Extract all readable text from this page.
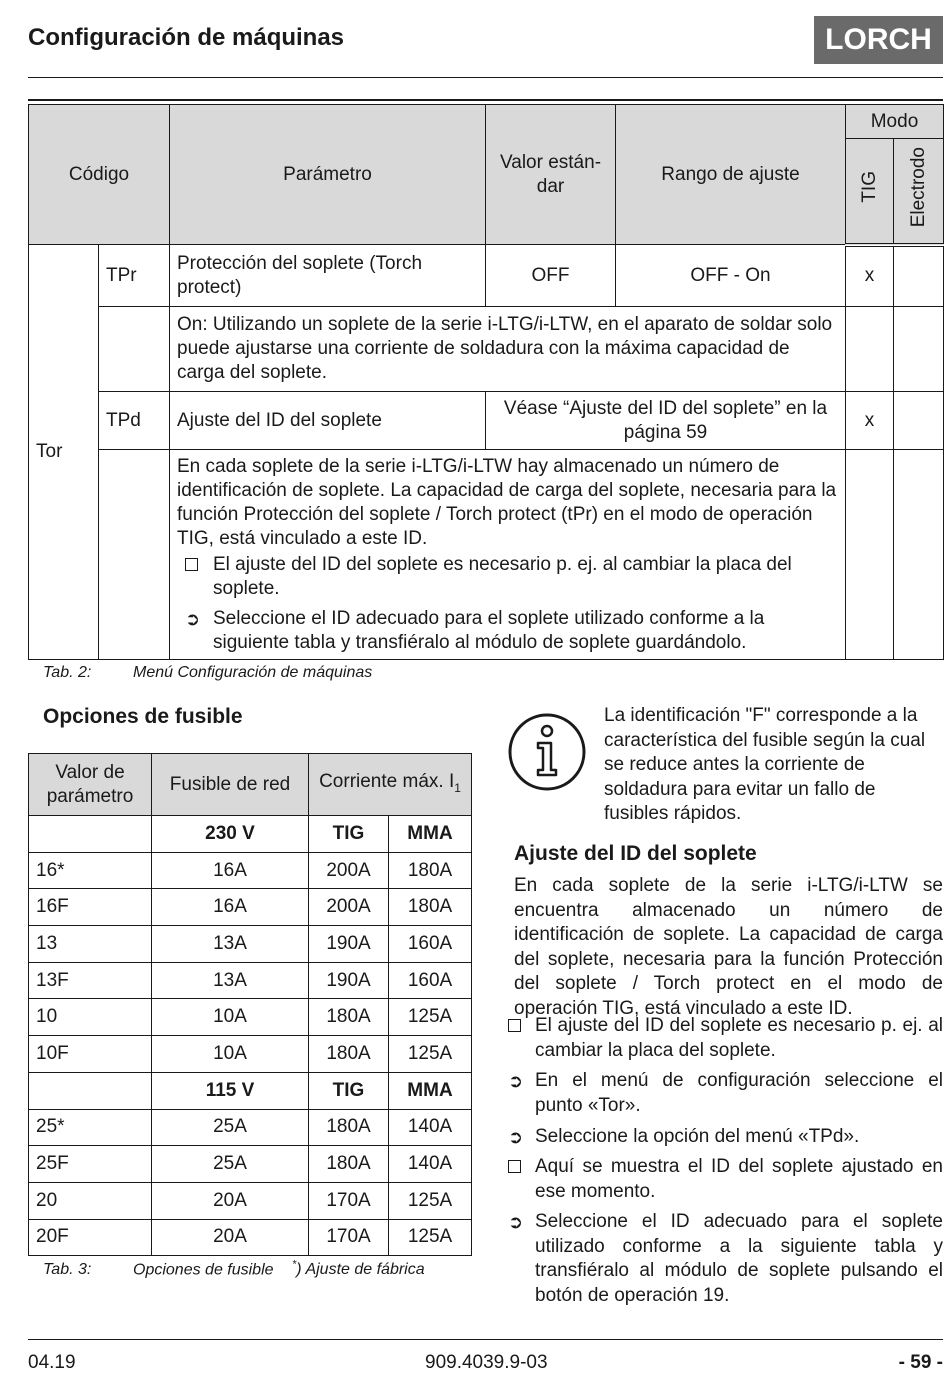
Configuración de máquinas	LORCH
Código		Parámetro	Valor están-dar	Rango de ajuste	Modo	
					TIG	Electrodo
Tor	TPr	Protección del soplete (Torch protect)	OFF	OFF - On	x	
		On: Utilizando un soplete de la serie i-LTG/i-LTW, en el aparato de soldar solo puede ajustarse una corriente de soldadura con la máxima capacidad de carga del soplete.				
	TPd	Ajuste del ID del soplete	Véase “Ajuste del ID del soplete” en la página 59		x	

		En cada soplete de la serie i-LTG/i-LTW hay almacenado un número de identificación de soplete. La capacidad de carga del soplete, necesaria para la función Protección del soplete / Torch protect (tPr) en el modo de operación TIG, está vinculado a este ID.
El ajuste del ID del soplete es necesario p. ej. al cambiar la placa del soplete.
➲ Seleccione el ID adecuado para el soplete utilizado conforme a la siguiente tabla y transfiéralo al módulo de soplete guardándolo.				

Tab. 2:	Menú Configuración de máquinas
Opciones de fusible
Valor de parámetro	Fusible de red	Corriente máx. $I_1$
	230 V	TIG	MMA
16*	16A	200A	180A
16F	16A	200A	180A
13	13A	190A	160A
13F	13A	190A	160A
10	10A	180A	125A
10F	10A	180A	125A
	115 V	TIG	MMA
25*	25A	180A	140A
25F	25A	180A	140A
20	20A	170A	125A
20F	20A	170A	125A
Tab. 3:	Opciones de fusible *) Ajuste de fábrica
La identificación "F" corresponde a la característica del fusible según la cual se reduce antes la corriente de soldadura para evitar un fallo de fusibles rápidos.
Ajuste del ID del soplete
En cada soplete de la serie i-LTG/i-LTW se encuentra almacenado un número de identificación de soplete. La capacidad de carga del soplete, necesaria para la función Protección del soplete / Torch protect en el modo de operación TIG, está vinculado a este ID.
El ajuste del ID del soplete es necesario p. ej. al cambiar la placa del soplete.
➲ En el menú de configuración seleccione el punto «Tor».
➲ Seleccione la opción del menú «TPd».
Aquí se muestra el ID del soplete ajustado en ese momento.
➲ Seleccione el ID adecuado para el soplete utilizado conforme a la siguiente tabla y transfiéralo al módulo de soplete pulsando el botón de operación 19.
04.19	909.4039.9-03	- 59 -
